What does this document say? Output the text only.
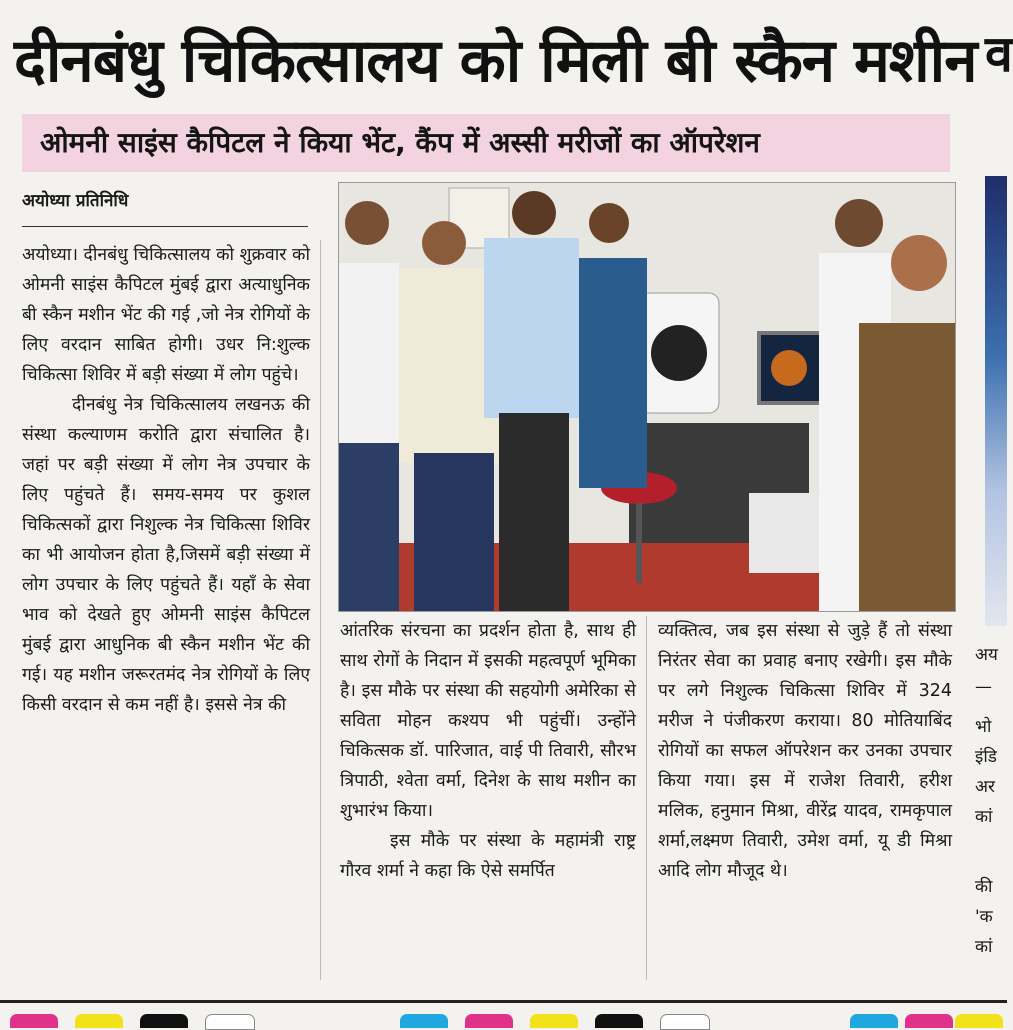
दीनबंधु चिकित्सालय को मिली बी स्कैन मशीन व
ओमनी साइंस कैपिटल ने किया भेंट, कैंप में अस्सी मरीजों का ऑपरेशन
अयोध्या प्रतिनिधि

अयोध्या। दीनबंधु चिकित्सालय को शुक्रवार को ओमनी साइंस कैपिटल मुंबई द्वारा अत्याधुनिक बी स्कैन मशीन भेंट की गई ,जो नेत्र रोगियों के लिए वरदान साबित होगी। उधर नि:शुल्क चिकित्सा शिविर में बड़ी संख्या में लोग पहुंचे।

दीनबंधु नेत्र चिकित्सालय लखनऊ की संस्था कल्याणम करोति द्वारा संचालित है। जहां पर बड़ी संख्या में लोग नेत्र उपचार के लिए पहुंचते हैं। समय-समय पर कुशल चिकित्सकों द्वारा निशुल्क नेत्र चिकित्सा शिविर का भी आयोजन होता है,जिसमें बड़ी संख्या में लोग उपचार के लिए पहुंचते हैं। यहाँ के सेवा भाव को देखते हुए ओमनी साइंस कैपिटल मुंबई द्वारा आधुनिक बी स्कैन मशीन भेंट की गई। यह मशीन जरूरतमंद नेत्र रोगियों के लिए किसी वरदान से कम नहीं है। इससे नेत्र की

आंतरिक संरचना का प्रदर्शन होता है, साथ ही साथ रोगों के निदान में इसकी महत्वपूर्ण भूमिका है। इस मौके पर संस्था की सहयोगी अमेरिका से सविता मोहन कश्यप भी पहुंचीं। उन्होंने चिकित्सक डॉ. पारिजात, वाई पी तिवारी, सौरभ त्रिपाठी, श्वेता वर्मा, दिनेश के साथ मशीन का शुभारंभ किया।

इस मौके पर संस्था के महामंत्री राष्ट्र गौरव शर्मा ने कहा कि ऐसे समर्पित

व्यक्तित्व, जब इस संस्था से जुड़े हैं तो संस्था निरंतर सेवा का प्रवाह बनाए रखेगी। इस मौके पर लगे निशुल्क चिकित्सा शिविर में 324 मरीज ने पंजीकरण कराया। 80 मोतियाबिंद रोगियों का सफल ऑपरेशन कर उनका उपचार किया गया। इस में राजेश तिवारी, हरीश मलिक, हनुमान मिश्रा, वीरेंद्र यादव, रामकृपाल शर्मा,लक्ष्मण तिवारी, उमेश वर्मा, यू डी मिश्रा आदि लोग मौजूद थे।

अय
—
भो
इंडि
अर
कां
की
'क
कां
